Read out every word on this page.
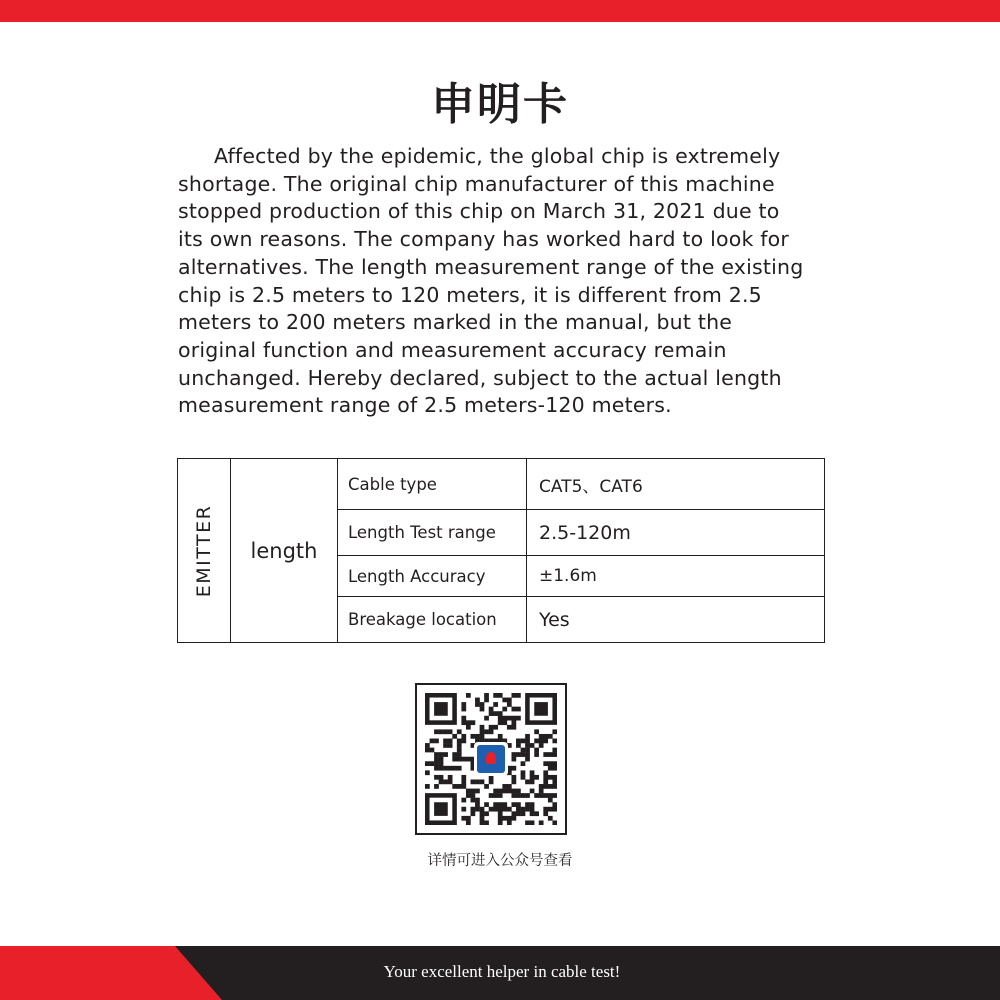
申明卡
Affected by the epidemic, the global chip is extremely
shortage. The original chip manufacturer of this machine
stopped production of this chip on March 31, 2021 due to
its own reasons. The company has worked hard to look for
alternatives. The length measurement range of the existing
chip is 2.5 meters to 120 meters, it is different from 2.5
meters to 200 meters marked in the manual, but the
original function and measurement accuracy remain
unchanged. Hereby declared, subject to the actual length
measurement range of 2.5 meters-120 meters.
EMITTER	length	Cable type	CAT5、CAT6
		Length Test range	2.5-120m
		Length Accuracy	±1.6m
		Breakage location	Yes
详情可进入公众号查看
Your excellent helper in cable test!
